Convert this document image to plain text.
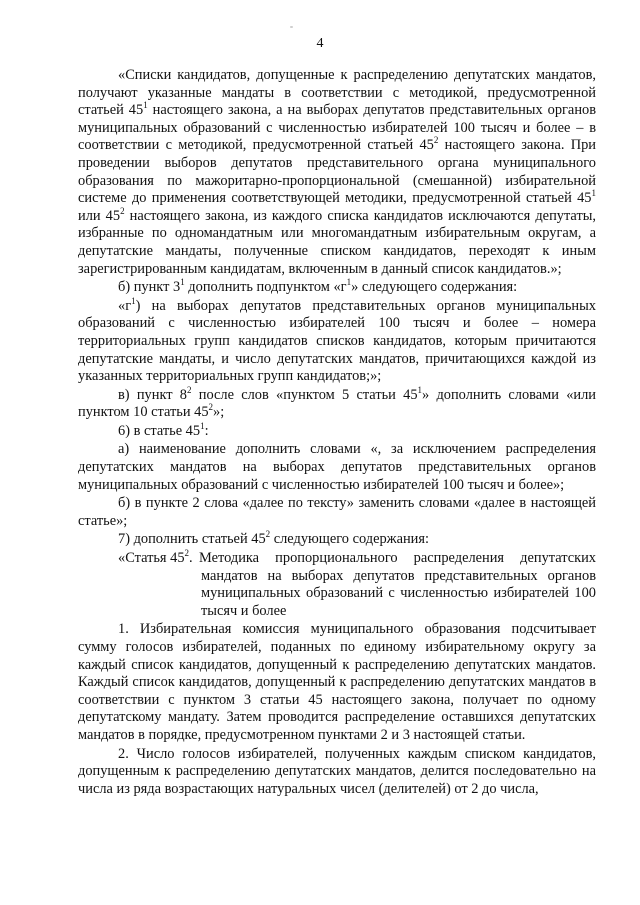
4

«Списки кандидатов, допущенные к распределению депутатских мандатов, получают указанные мандаты в соответствии с методикой, предусмотренной статьей $45^1$ настоящего закона, а на выборах депутатов представительных органов муниципальных образований с численностью избирателей 100 тысяч и более – в соответствии с методикой, предусмотренной статьей $45^2$ настоящего закона. При проведении выборов депутатов представительного органа муниципального образования по мажоритарно-пропорциональной (смешанной) избирательной системе до применения соответствующей методики, предусмотренной статьей $45^1$ или $45^2$ настоящего закона, из каждого списка кандидатов исключаются депутаты, избранные по одномандатным или многомандатным избирательным округам, а депутатские мандаты, полученные списком кандидатов, переходят к иным зарегистрированным кандидатам, включенным в данный список кандидатов.»;

б) пункт $3^1$ дополнить подпунктом «$г^1$» следующего содержания:

«$г^1$) на выборах депутатов представительных органов муниципальных образований с численностью избирателей 100 тысяч и более – номера территориальных групп кандидатов списков кандидатов, которым причитаются депутатские мандаты, и число депутатских мандатов, причитающихся каждой из указанных территориальных групп кандидатов;»;

в) пункт $8^2$ после слов «пунктом 5 статьи $45^1$» дополнить словами «или пунктом 10 статьи $45^2$»;

6) в статье $45^1$:

а) наименование дополнить словами «, за исключением распределения депутатских мандатов на выборах депутатов представительных органов муниципальных образований с численностью избирателей 100 тысяч и более»;

б) в пункте 2 слова «далее по тексту» заменить словами «далее в настоящей статье»;

7) дополнить статьей $45^2$ следующего содержания:

«Статья $45^2$. Методика пропорционального распределения депутатских мандатов на выборах депутатов представительных органов муниципальных образований с численностью избирателей 100 тысяч и более

1. Избирательная комиссия муниципального образования подсчитывает сумму голосов избирателей, поданных по единому избирательному округу за каждый список кандидатов, допущенный к распределению депутатских мандатов. Каждый список кандидатов, допущенный к распределению депутатских мандатов в соответствии с пунктом 3 статьи 45 настоящего закона, получает по одному депутатскому мандату. Затем проводится распределение оставшихся депутатских мандатов в порядке, предусмотренном пунктами 2 и 3 настоящей статьи.

2. Число голосов избирателей, полученных каждым списком кандидатов, допущенным к распределению депутатских мандатов, делится последовательно на числа из ряда возрастающих натуральных чисел (делителей) от 2 до числа,
